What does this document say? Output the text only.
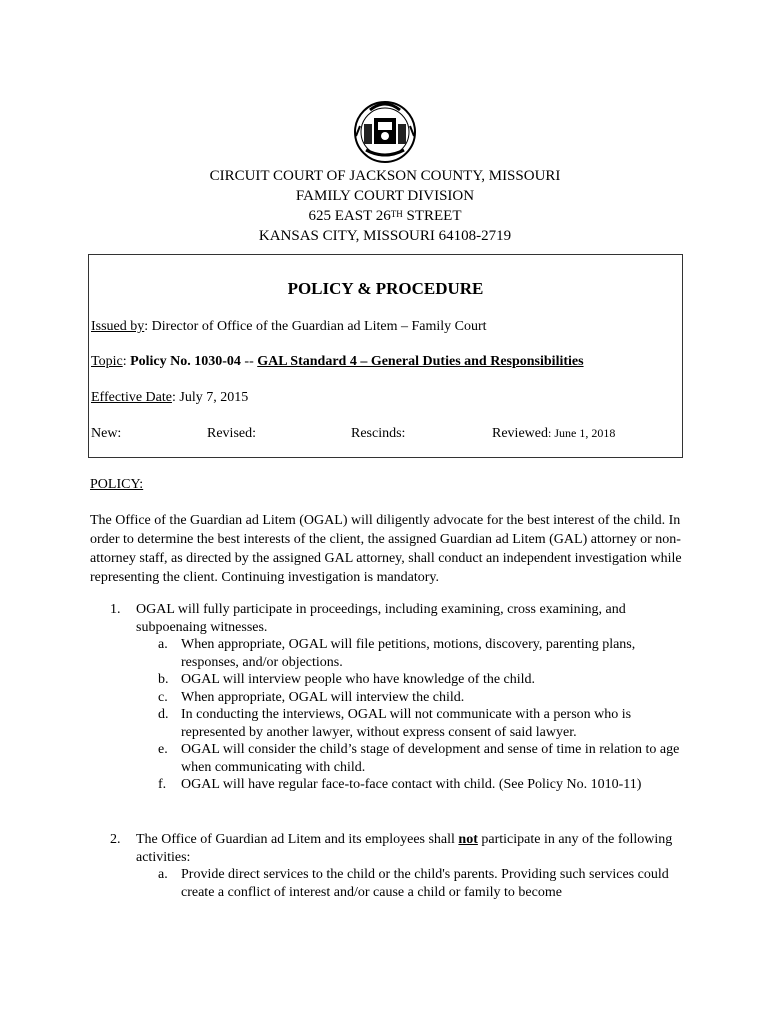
CIRCUIT COURT OF JACKSON COUNTY, MISSOURI
FAMILY COURT DIVISION
625 EAST 26TH STREET
KANSAS CITY, MISSOURI 64108-2719
POLICY & PROCEDURE
Issued by: Director of Office of the Guardian ad Litem – Family Court
Topic: Policy No. 1030-04 -- GAL Standard 4 – General Duties and Responsibilities
Effective Date: July 7, 2015
New:	Revised:	Rescinds:	Reviewed: June 1, 2018
POLICY:
The Office of the Guardian ad Litem (OGAL) will diligently advocate for the best interest of the child. In order to determine the best interests of the client, the assigned Guardian ad Litem (GAL) attorney or non-attorney staff, as directed by the assigned GAL attorney, shall conduct an independent investigation while representing the client. Continuing investigation is mandatory.
1. OGAL will fully participate in proceedings, including examining, cross examining, and subpoenaing witnesses.
a. When appropriate, OGAL will file petitions, motions, discovery, parenting plans, responses, and/or objections.
b. OGAL will interview people who have knowledge of the child.
c. When appropriate, OGAL will interview the child.
d. In conducting the interviews, OGAL will not communicate with a person who is represented by another lawyer, without express consent of said lawyer.
e. OGAL will consider the child’s stage of development and sense of time in relation to age when communicating with child.
f. OGAL will have regular face-to-face contact with child. (See Policy No. 1010-11)
2. The Office of Guardian ad Litem and its employees shall not participate in any of the following activities:
a. Provide direct services to the child or the child's parents. Providing such services could create a conflict of interest and/or cause a child or family to become
